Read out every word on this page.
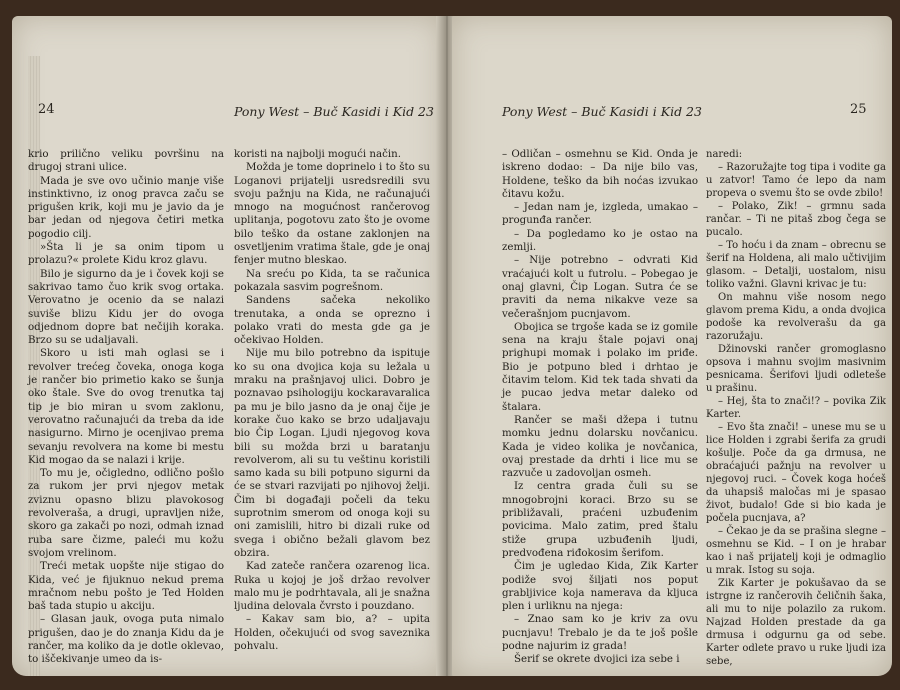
24	Pony West – Buč Kasidi i Kid 23

krio prilično veliku površinu na drugoj strani ulice.

Mada je sve ovo učinio manje više instinktivno, iz onog pravca začu se prigušen krik, koji mu je javio da je bar jedan od njegova četiri metka pogodio cilj.

»Šta li je sa onim tipom u prolazu?« prolete Kidu kroz glavu.

Bilo je sigurno da je i čovek koji se sakrivao tamo čuo krik svog ortaka. Verovatno je ocenio da se nalazi suviše blizu Kidu jer do ovoga odjednom dopre bat nečijih koraka. Brzo su se udaljavali.

Skoro u isti mah oglasi se i revolver trećeg čoveka, onoga koga je rančer bio primetio kako se šunja oko štale. Sve do ovog trenutka taj tip je bio miran u svom zaklonu, verovatno računajući da treba da ide nasigurno. Mirno je ocenjivao prema sevanju revolvera na kome bi mestu Kid mogao da se nalazi i krije.

To mu je, očigledno, odlično pošlo za rukom jer prvi njegov metak zviznu opasno blizu plavokosog revolveraša, a drugi, upravljen niže, skoro ga zakači po nozi, odmah iznad ruba sare čizme, paleći mu kožu svojom vrelinom.

Treći metak uopšte nije stigao do Kida, već je fijuknuo nekud prema mračnom nebu pošto je Ted Holden baš tada stupio u akciju.

– Glasan jauk, ovoga puta nimalo prigušen, dao je do znanja Kidu da je rančer, ma koliko da je dotle oklevao, to iščekivanje umeo da is-

koristi na najbolji mogući način.

Možda je tome doprinelo i to što su Loganovi prijatelji usredsredili svu svoju pažnju na Kida, ne računajući mnogo na mogućnost rančerovog uplitanja, pogotovu zato što je ovome bilo teško da ostane zaklonjen na osvetljenim vratima štale, gde je onaj fenjer mutno bleskao.

Na sreću po Kida, ta se računica pokazala sasvim pogrešnom.

Sandens sačeka nekoliko trenutaka, a onda se oprezno i polako vrati do mesta gde ga je očekivao Holden.

Nije mu bilo potrebno da ispituje ko su ona dvojica koja su ležala u mraku na prašnjavoj ulici. Dobro je poznavao psihologiju kockaravaralica pa mu je bilo jasno da je onaj čije je korake čuo kako se brzo udaljavaju bio Čip Logan. Ljudi njegovog kova bili su možda brzi u baratanju revolverom, ali su tu veštinu koristili samo kada su bili potpuno sigurni da će se stvari razvijati po njihovoj želji. Čim bi događaji počeli da teku suprotnim smerom od onoga koji su oni zamislili, hitro bi dizali ruke od svega i obično bežali glavom bez obzira.

Kad zateče rančera ozarenog lica. Ruka u kojoj je još držao revolver malo mu je podrhtavala, ali je snažna ljudina delovala čvrsto i pouzdano.

– Kakav sam bio, a? – upita Holden, očekujući od svog saveznika pohvalu.

Pony West – Buč Kasidi i Kid 23	25

– Odličan – osmehnu se Kid. Onda je iskreno dodao: – Da nije bilo vas, Holdene, teško da bih noćas izvukao čitavu kožu.

– Jedan nam je, izgleda, umakao – progunđa rančer.

– Da pogledamo ko je ostao na zemlji.

– Nije potrebno – odvrati Kid vraćajući kolt u futrolu. – Pobegao je onaj glavni, Čip Logan. Sutra će se praviti da nema nikakve veze sa večerašnjom pucnjavom.

Obojica se trgoše kada se iz gomile sena na kraju štale pojavi onaj prighupi momak i polako im priđe. Bio je potpuno bled i drhtao je čitavim telom. Kid tek tada shvati da je pucao jedva metar daleko od štalara.

Rančer se maši džepa i tutnu momku jednu dolarsku novčanicu. Kada je video kolika je novčanica, ovaj prestade da drhti i lice mu se razvuče u zadovoljan osmeh.

Iz centra grada čuli su se mnogobrojni koraci. Brzo su se približavali, praćeni uzbuđenim povicima. Malo zatim, pred štalu stiže grupa uzbuđenih ljudi, predvođena riđokosim šerifom.

Čim je ugledao Kida, Zik Karter podiže svoj šiljati nos poput grabljivice koja namerava da kljuca plen i urliknu na njega:

– Znao sam ko je kriv za ovu pucnjavu! Trebalo je da te još pošle podne najurim iz grada!

Šerif se okrete dvojici iza sebe i

naredi:

– Razoružajte tog tipa i vodite ga u zatvor! Tamo će lepo da nam propeva o svemu što se ovde zbilo!

– Polako, Zik! – grmnu sada rančar. – Ti ne pitaš zbog čega se pucalo.

– To hoću i da znam – obrecnu se šerif na Holdena, ali malo učtivijim glasom. – Detalji, uostalom, nisu toliko važni. Glavni krivac je tu:

On mahnu više nosom nego glavom prema Kidu, a onda dvojica podoše ka revolverašu da ga razoružaju.

Džinovski rančer gromoglasno opsova i mahnu svojim masivnim pesnicama. Šerifovi ljudi odleteše u prašinu.

– Hej, šta to znači!? – povika Zik Karter.

– Evo šta znači! – unese mu se u lice Holden i zgrabi šerifa za grudi košulje. Poče da ga drmusa, ne obraćajući pažnju na revolver u njegovoj ruci. – Čovek koga hoćeš da uhapsiš maločas mi je spasao život, budalo! Gde si bio kada je počela pucnjava, a?

– Čekao je da se prašina slegne – osmehnu se Kid. – I on je hrabar kao i naš prijatelj koji je odmaglio u mrak. Istog su soja.

Zik Karter je pokušavao da se istrgne iz rančerovih čeličnih šaka, ali mu to nije polazilo za rukom. Najzad Holden prestade da ga drmusa i odgurnu ga od sebe. Karter odlete pravo u ruke ljudi iza sebe,
